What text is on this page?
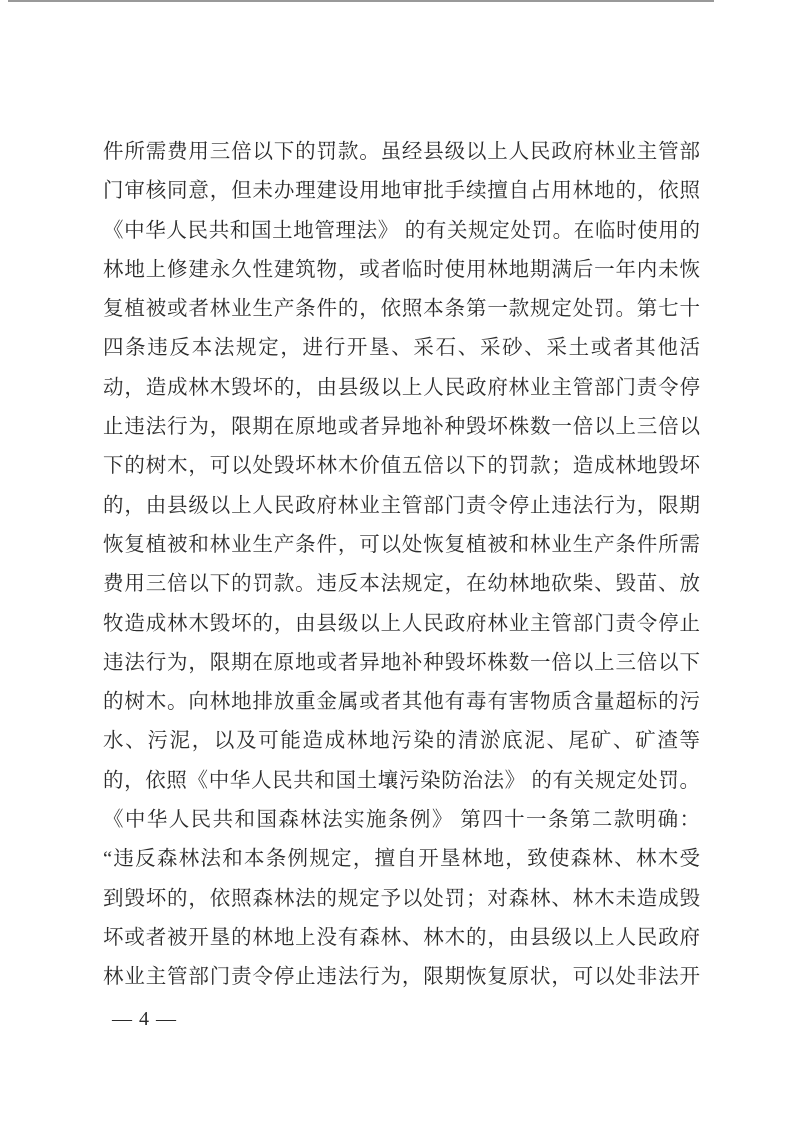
件所需费用三倍以下的罚款。虽经县级以上人民政府林业主管部

门审核同意，但未办理建设用地审批手续擅自占用林地的，依照

《中华人民共和国土地管理法》 的有关规定处罚。在临时使用的

林地上修建永久性建筑物，或者临时使用林地期满后一年内未恢

复植被或者林业生产条件的，依照本条第一款规定处罚。第七十

四条违反本法规定，进行开垦、采石、采砂、采土或者其他活

动，造成林木毁坏的，由县级以上人民政府林业主管部门责令停

止违法行为，限期在原地或者异地补种毁坏株数一倍以上三倍以

下的树木，可以处毁坏林木价值五倍以下的罚款；造成林地毁坏

的，由县级以上人民政府林业主管部门责令停止违法行为，限期

恢复植被和林业生产条件，可以处恢复植被和林业生产条件所需

费用三倍以下的罚款。违反本法规定，在幼林地砍柴、毁苗、放

牧造成林木毁坏的，由县级以上人民政府林业主管部门责令停止

违法行为，限期在原地或者异地补种毁坏株数一倍以上三倍以下

的树木。向林地排放重金属或者其他有毒有害物质含量超标的污

水、污泥，以及可能造成林地污染的清淤底泥、尾矿、矿渣等

的，依照《中华人民共和国土壤污染防治法》 的有关规定处罚。

《中华人民共和国森林法实施条例》 第四十一条第二款明确：

“违反森林法和本条例规定，擅自开垦林地，致使森林、林木受

到毁坏的，依照森林法的规定予以处罚；对森林、林木未造成毁

坏或者被开垦的林地上没有森林、林木的，由县级以上人民政府

林业主管部门责令停止违法行为，限期恢复原状，可以处非法开

— 4 —
